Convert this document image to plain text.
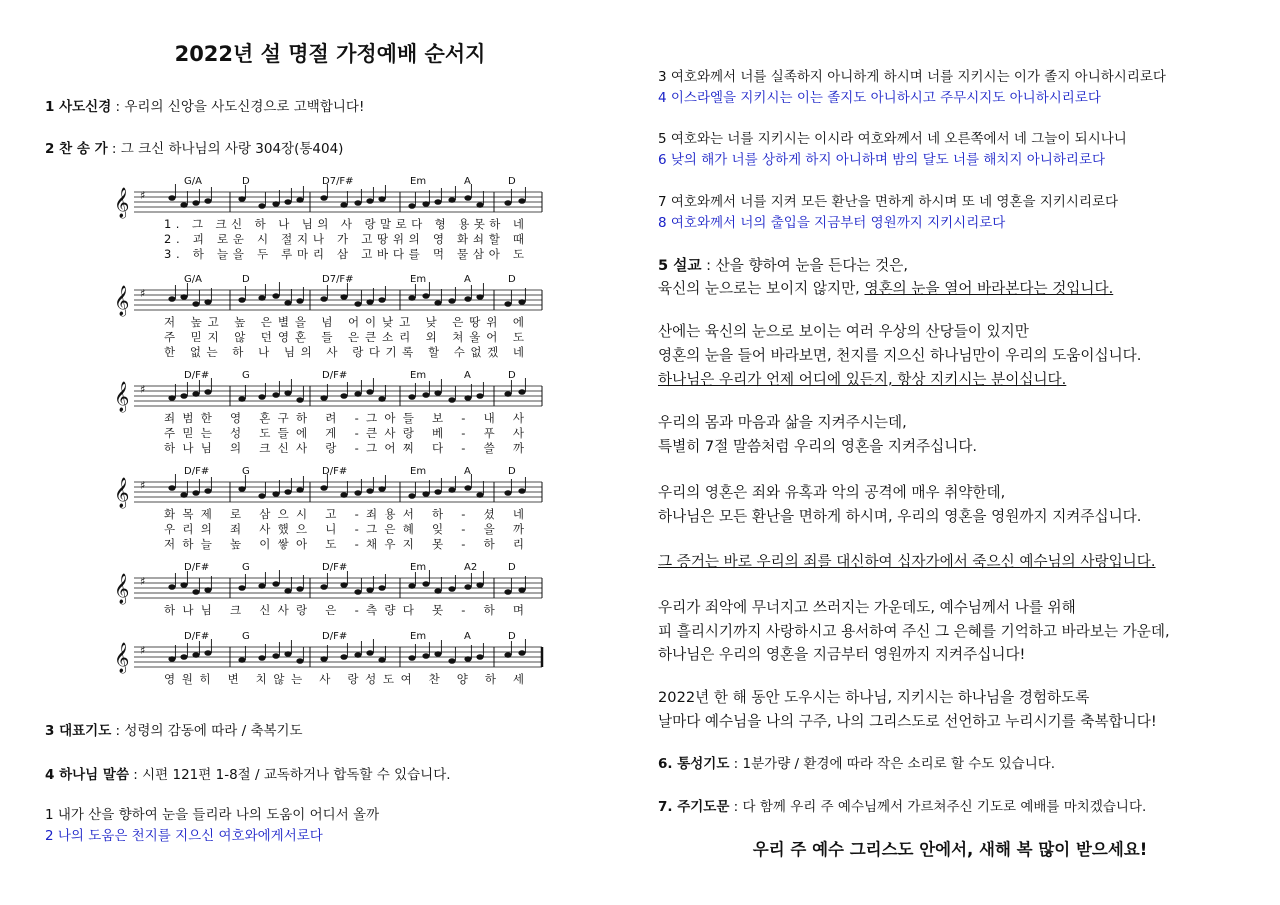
2022년 설 명절 가정예배 순서지
1 사도신경 : 우리의 신앙을 사도신경으로 고백합니다!
2 찬 송 가 : 그 크신 하나님의 사랑 304장(통404)
G/A	D	D7/F#	Em	A	D
𝄞 ♯
1. 그 크신 하 나 님의 사 랑말로다 형 용못하 네
2. 괴 로운 시 절지나 가 고땅위의 영 화쇠할 때
3. 하 늘을 두 루마리 삼 고바다를 먹 물삼아 도
G/A	D	D7/F#	Em	A	D
𝄞 ♯
저 높고 높 은별을 넘 어이낮고 낮 은땅위 에
주 믿지 않 던영혼 들 은큰소리 외 쳐울어 도
한 없는 하 나 님의 사 랑다기록 할 수없겠 네
D/F#	G	D/F#	Em	A	D
𝄞 ♯
죄범한 영 혼구하 려 -그아들 보 - 내 사
주믿는 성 도들에 게 -큰사랑 베 - 푸 사
하나님 의 크신사 랑 -그어찌 다 - 쓸 까
D/F#	G	D/F#	Em	A	D
𝄞 ♯
화목제 로 삼으시 고 -죄용서 하 - 셨 네
우리의 죄 사했으 니 -그은혜 잊 - 을 까
저하늘 높 이쌓아 도 -채우지 못 - 하 리
D/F#	G	D/F#	Em	A2	D
𝄞 ♯
하나님 크 신사랑 은 -측량다 못 - 하 며
D/F#	G	D/F#	Em	A	D
𝄞 ♯
영원히 변 치않는 사 랑성도여 찬 양 하 세
3 대표기도 : 성령의 감동에 따라 / 축복기도
4 하나님 말씀 : 시편 121편 1-8절 / 교독하거나 합독할 수 있습니다.
1 내가 산을 향하여 눈을 들리라 나의 도움이 어디서 올까
2 나의 도움은 천지를 지으신 여호와에게서로다
3 여호와께서 너를 실족하지 아니하게 하시며 너를 지키시는 이가 졸지 아니하시리로다
4 이스라엘을 지키시는 이는 졸지도 아니하시고 주무시지도 아니하시리로다
5 여호와는 너를 지키시는 이시라 여호와께서 네 오른쪽에서 네 그늘이 되시나니
6 낮의 해가 너를 상하게 하지 아니하며 밤의 달도 너를 해치지 아니하리로다
7 여호와께서 너를 지켜 모든 환난을 면하게 하시며 또 네 영혼을 지키시리로다
8 여호와께서 너의 출입을 지금부터 영원까지 지키시리로다
5 설교 : 산을 향하여 눈을 든다는 것은,
육신의 눈으로는 보이지 않지만, 영혼의 눈을 열어 바라본다는 것입니다.
산에는 육신의 눈으로 보이는 여러 우상의 산당들이 있지만
영혼의 눈을 들어 바라보면, 천지를 지으신 하나님만이 우리의 도움이십니다.
하나님은 우리가 언제 어디에 있든지, 항상 지키시는 분이십니다.
우리의 몸과 마음과 삶을 지켜주시는데,
특별히 7절 말씀처럼 우리의 영혼을 지켜주십니다.
우리의 영혼은 죄와 유혹과 악의 공격에 매우 취약한데,
하나님은 모든 환난을 면하게 하시며, 우리의 영혼을 영원까지 지켜주십니다.
그 증거는 바로 우리의 죄를 대신하여 십자가에서 죽으신 예수님의 사랑입니다.
우리가 죄악에 무너지고 쓰러지는 가운데도, 예수님께서 나를 위해
피 흘리시기까지 사랑하시고 용서하여 주신 그 은혜를 기억하고 바라보는 가운데,
하나님은 우리의 영혼을 지금부터 영원까지 지켜주십니다!
2022년 한 해 동안 도우시는 하나님, 지키시는 하나님을 경험하도록
날마다 예수님을 나의 구주, 나의 그리스도로 선언하고 누리시기를 축복합니다!
6. 통성기도 : 1분가량 / 환경에 따라 작은 소리로 할 수도 있습니다.
7. 주기도문 : 다 함께 우리 주 예수님께서 가르쳐주신 기도로 예배를 마치겠습니다.
우리 주 예수 그리스도 안에서, 새해 복 많이 받으세요!
